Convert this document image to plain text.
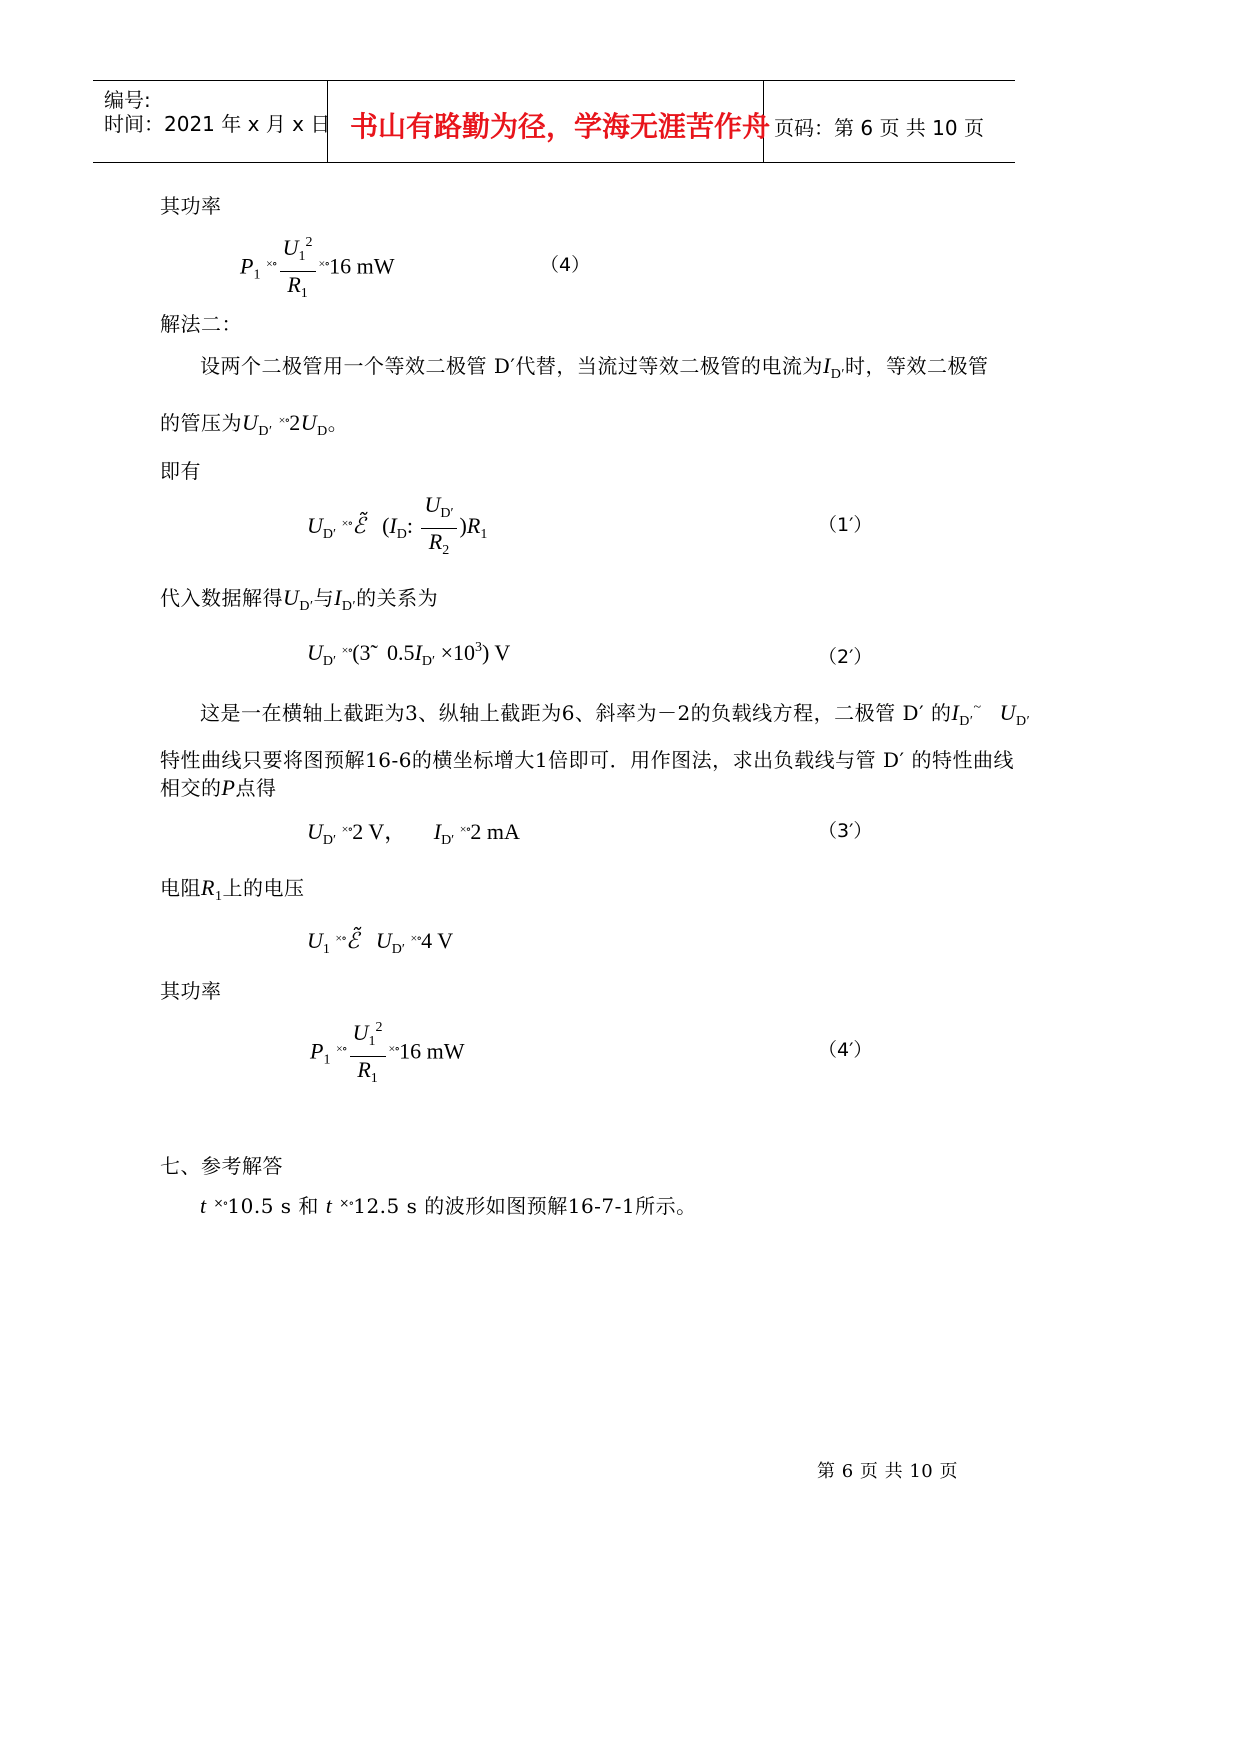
编号:
时间：2021 年 x 月 x 日 书山有路勤为径，学海无涯苦作舟 页码：第 6 页 共 10 页
其功率
$P_1$ $^{\times\circ} \frac{U_1^2}{R_1} ^{\times\circ}16$ mW	（4）
解法二：
设两个二极管用一个等效二极管 D′代替，当流过等效二极管的电流为$I_{D'}$时，等效二极管
的管压为$U_{D'}$ $^{\times\circ}2U_D$。
即有
$U_{D'}$ ×∘ℰ̃   ($I_D$: $\frac{U_{D'}}{R_2} )R_1$	（1′）
代入数据解得$U_{D'}$与$I_{D'}$的关系为
$U_{D'}$ ×∘(3̃   $0.5I_{D'} \times 10^3$) V	（2′）
这是一在横轴上截距为3、纵轴上截距为6、斜率为－2的负载线方程，二极管 D′ 的$I_{D'}^\sim$ $U_{D'}$
特性曲线只要将图预解16-6的横坐标增大1倍即可．用作图法，求出负载线与管 D′ 的特性曲线
相交的P点得
$U_{D'}$ ×∘2 V，     $I_{D'}$ ×∘2 mA	（3′）
电阻$R_1$上的电压
$U_1$ ×∘ℰ̃ $U_{D'}$ ×∘4 V
其功率
$P_1$ $^{\times\circ} \frac{U_1^2}{R_1} ^{\times\circ}16$ mW	（4′）
七、参考解答
t ×∘10.5 s 和 t ×∘12.5 s 的波形如图预解16-7-1所示。
第 6 页 共 10 页
